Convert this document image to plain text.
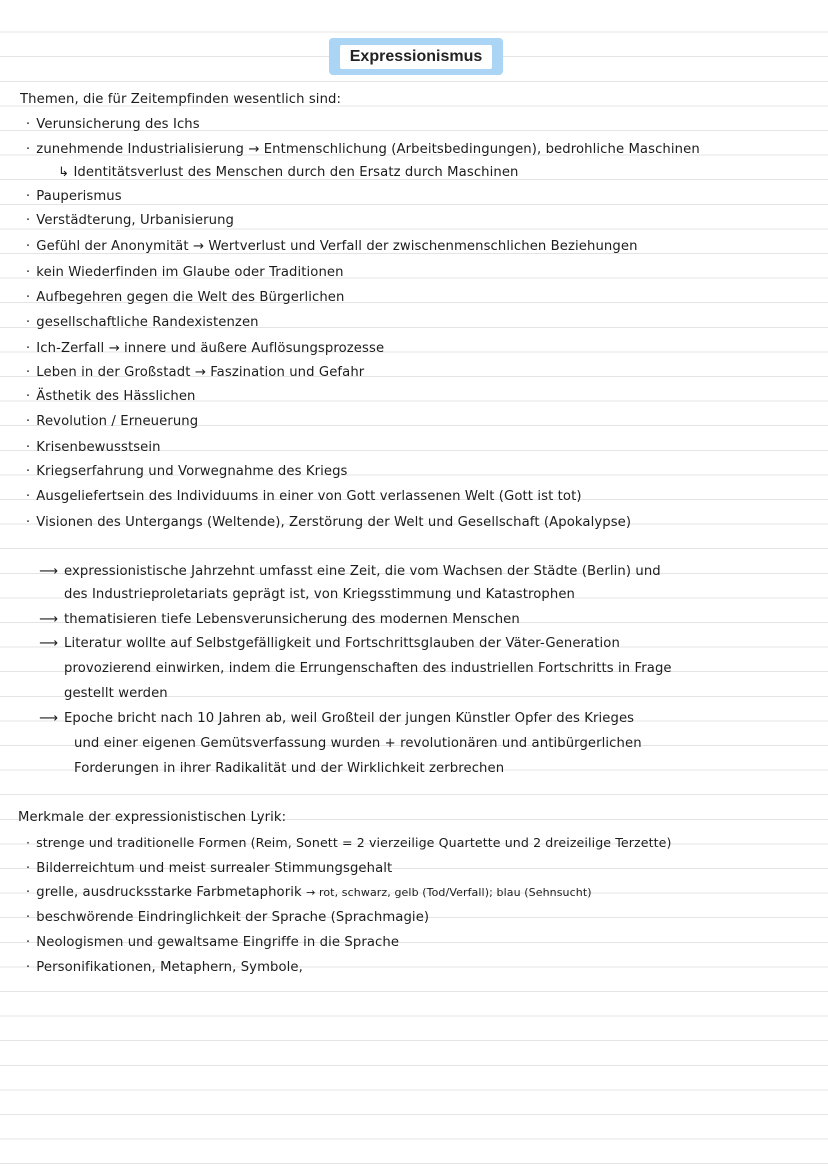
Expressionismus
Themen, die für Zeitempfinden wesentlich sind:
· Verunsicherung des Ichs
· zunehmende Industrialisierung → Entmenschlichung (Arbeitsbedingungen), bedrohliche Maschinen
↳ Identitätsverlust des Menschen durch den Ersatz durch Maschinen
· Pauperismus
· Verstädterung, Urbanisierung
· Gefühl der Anonymität → Wertverlust und Verfall der zwischenmenschlichen Beziehungen
· kein Wiederfinden im Glaube oder Traditionen
· Aufbegehren gegen die Welt des Bürgerlichen
· gesellschaftliche Randexistenzen
· Ich-Zerfall → innere und äußere Auflösungsprozesse
· Leben in der Großstadt → Faszination und Gefahr
· Ästhetik des Hässlichen
· Revolution / Erneuerung
· Krisenbewusstsein
· Kriegserfahrung und Vorwegnahme des Kriegs
· Ausgeliefertsein des Individuums in einer von Gott verlassenen Welt (Gott ist tot)
· Visionen des Untergangs (Weltende), Zerstörung der Welt und Gesellschaft (Apokalypse)
⟶ expressionistische Jahrzehnt umfasst eine Zeit, die vom Wachsen der Städte (Berlin) und
des Industrieproletariats geprägt ist, von Kriegsstimmung und Katastrophen
⟶ thematisieren tiefe Lebensverunsicherung des modernen Menschen
⟶ Literatur wollte auf Selbstgefälligkeit und Fortschrittsglauben der Väter-Generation
provozierend einwirken, indem die Errungenschaften des industriellen Fortschritts in Frage
gestellt werden
⟶ Epoche bricht nach 10 Jahren ab, weil Großteil der jungen Künstler Opfer des Krieges
und einer eigenen Gemütsverfassung wurden + revolutionären und antibürgerlichen
Forderungen in ihrer Radikalität und der Wirklichkeit zerbrechen
Merkmale der expressionistischen Lyrik:
· strenge und traditionelle Formen (Reim, Sonett = 2 vierzeilige Quartette und 2 dreizeilige Terzette)
· Bilderreichtum und meist surrealer Stimmungsgehalt
· grelle, ausdrucksstarke Farbmetaphorik → rot, schwarz, gelb (Tod/Verfall); blau (Sehnsucht)
· beschwörende Eindringlichkeit der Sprache (Sprachmagie)
· Neologismen und gewaltsame Eingriffe in die Sprache
· Personifikationen, Metaphern, Symbole,
